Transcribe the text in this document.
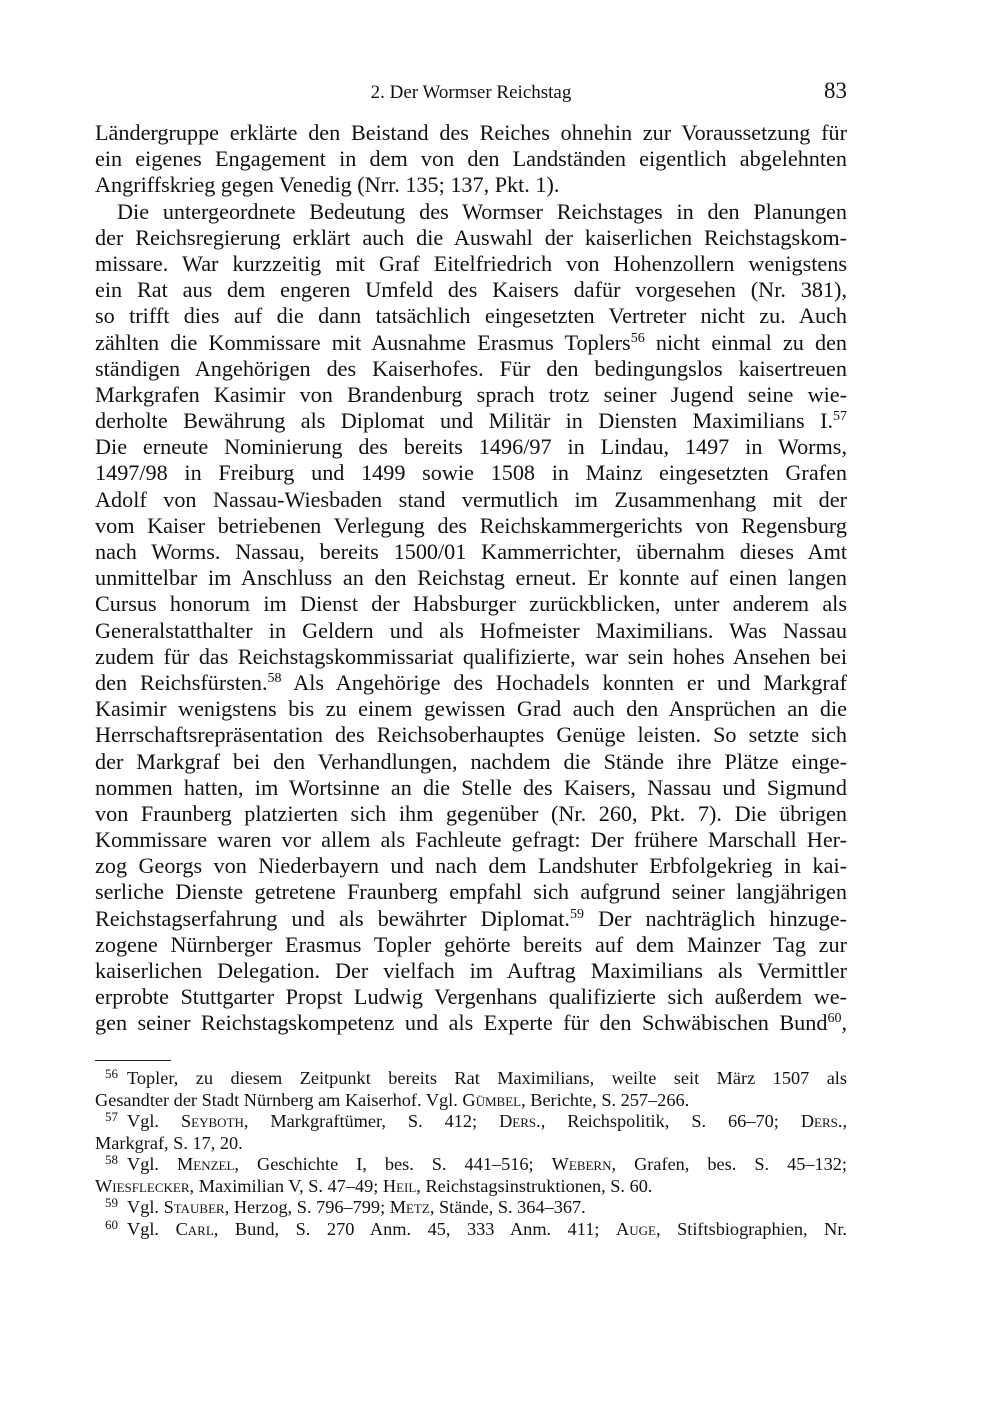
2. Der Wormser Reichstag	83
Ländergruppe erklärte den Beistand des Reiches ohnehin zur Voraussetzung für
ein eigenes Engagement in dem von den Landständen eigentlich abgelehnten
Angriffskrieg gegen Venedig (Nrr. 135; 137, Pkt. 1).
Die untergeordnete Bedeutung des Wormser Reichstages in den Planungen
der Reichsregierung erklärt auch die Auswahl der kaiserlichen Reichstagskom-
missare. War kurzzeitig mit Graf Eitelfriedrich von Hohenzollern wenigstens
ein Rat aus dem engeren Umfeld des Kaisers dafür vorgesehen (Nr. 381),
so trifft dies auf die dann tatsächlich eingesetzten Vertreter nicht zu. Auch
zählten die Kommissare mit Ausnahme Erasmus Toplers$^{56}$ nicht einmal zu den
ständigen Angehörigen des Kaiserhofes. Für den bedingungslos kaisertreuen
Markgrafen Kasimir von Brandenburg sprach trotz seiner Jugend seine wie-
derholte Bewährung als Diplomat und Militär in Diensten Maximilians I.$^{57}$
Die erneute Nominierung des bereits 1496/97 in Lindau, 1497 in Worms,
1497/98 in Freiburg und 1499 sowie 1508 in Mainz eingesetzten Grafen
Adolf von Nassau-Wiesbaden stand vermutlich im Zusammenhang mit der
vom Kaiser betriebenen Verlegung des Reichskammergerichts von Regensburg
nach Worms. Nassau, bereits 1500/01 Kammerrichter, übernahm dieses Amt
unmittelbar im Anschluss an den Reichstag erneut. Er konnte auf einen langen
Cursus honorum im Dienst der Habsburger zurückblicken, unter anderem als
Generalstatthalter in Geldern und als Hofmeister Maximilians. Was Nassau
zudem für das Reichstagskommissariat qualifizierte, war sein hohes Ansehen bei
den Reichsfürsten.$^{58}$ Als Angehörige des Hochadels konnten er und Markgraf
Kasimir wenigstens bis zu einem gewissen Grad auch den Ansprüchen an die
Herrschaftsrepräsentation des Reichsoberhauptes Genüge leisten. So setzte sich
der Markgraf bei den Verhandlungen, nachdem die Stände ihre Plätze einge-
nommen hatten, im Wortsinne an die Stelle des Kaisers, Nassau und Sigmund
von Fraunberg platzierten sich ihm gegenüber (Nr. 260, Pkt. 7). Die übrigen
Kommissare waren vor allem als Fachleute gefragt: Der frühere Marschall Her-
zog Georgs von Niederbayern und nach dem Landshuter Erbfolgekrieg in kai-
serliche Dienste getretene Fraunberg empfahl sich aufgrund seiner langjährigen
Reichstagserfahrung und als bewährter Diplomat.$^{59}$ Der nachträglich hinzuge-
zogene Nürnberger Erasmus Topler gehörte bereits auf dem Mainzer Tag zur
kaiserlichen Delegation. Der vielfach im Auftrag Maximilians als Vermittler
erprobte Stuttgarter Propst Ludwig Vergenhans qualifizierte sich außerdem we-
gen seiner Reichstagskompetenz und als Experte für den Schwäbischen Bund$^{60}$,
$^{56}$ Topler, zu diesem Zeitpunkt bereits Rat Maximilians, weilte seit März 1507 als
Gesandter der Stadt Nürnberg am Kaiserhof. Vgl. Gümbel, Berichte, S. 257–266.
$^{57}$ Vgl. Seyboth, Markgraftümer, S. 412; Ders., Reichspolitik, S. 66–70; Ders.,
Markgraf, S. 17, 20.
$^{58}$ Vgl. Menzel, Geschichte I, bes. S. 441–516; Webern, Grafen, bes. S. 45–132;
Wiesflecker, Maximilian V, S. 47–49; Heil, Reichstagsinstruktionen, S. 60.
$^{59}$ Vgl. Stauber, Herzog, S. 796–799; Metz, Stände, S. 364–367.
$^{60}$ Vgl. Carl, Bund, S. 270 Anm. 45, 333 Anm. 411; Auge, Stiftsbiographien, Nr.
